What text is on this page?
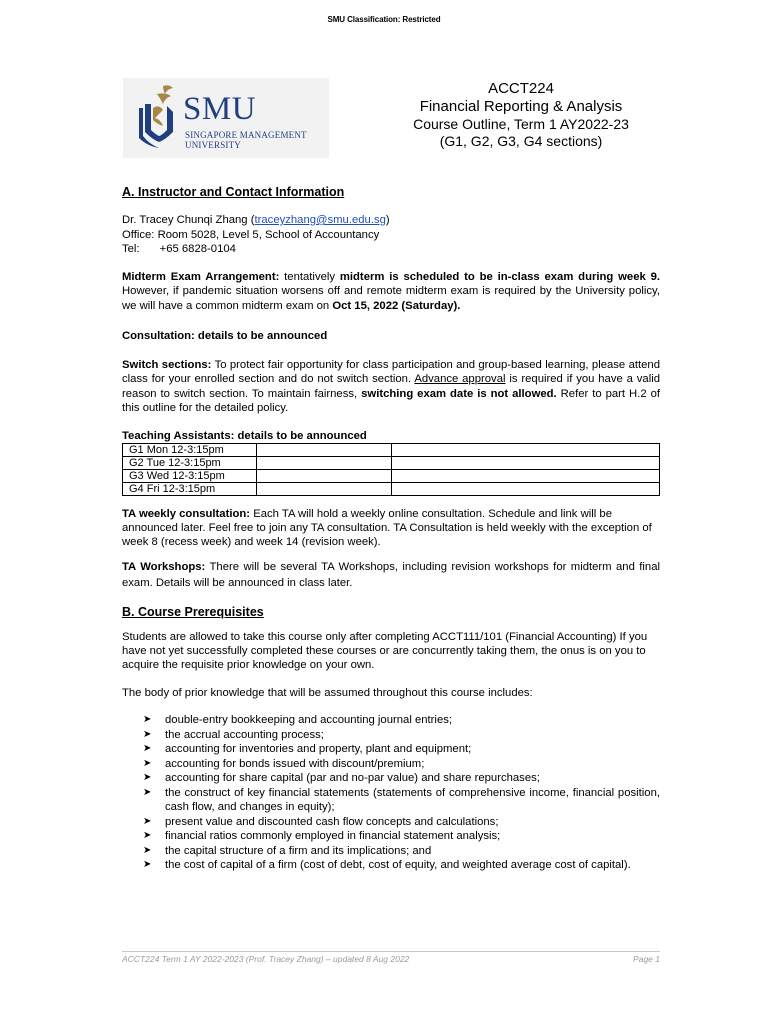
SMU Classification: Restricted
SMU
SINGAPORE MANAGEMENT
UNIVERSITY
ACCT224
Financial Reporting & Analysis
Course Outline, Term 1 AY2022-23
(G1, G2, G3, G4 sections)
A. Instructor and Contact Information

Dr. Tracey Chunqi Zhang (traceyzhang@smu.edu.sg)

Office: Room 5028, Level 5, School of Accountancy

Tel: +65 6828-0104

Midterm Exam Arrangement: tentatively midterm is scheduled to be in-class exam during week 9. However, if pandemic situation worsens off and remote midterm exam is required by the University policy, we will have a common midterm exam on Oct 15, 2022 (Saturday).

Consultation: details to be announced

Switch sections: To protect fair opportunity for class participation and group-based learning, please attend class for your enrolled section and do not switch section. Advance approval is required if you have a valid reason to switch section. To maintain fairness, switching exam date is not allowed. Refer to part H.2 of this outline for the detailed policy.

Teaching Assistants: details to be announced

G1 Mon 12-3:15pm		
G2 Tue 12-3:15pm		
G3 Wed 12-3:15pm		
G4 Fri 12-3:15pm		

TA weekly consultation: Each TA will hold a weekly online consultation. Schedule and link will be announced later. Feel free to join any TA consultation. TA Consultation is held weekly with the exception of week 8 (recess week) and week 14 (revision week).

TA Workshops: There will be several TA Workshops, including revision workshops for midterm and final exam. Details will be announced in class later.

B. Course Prerequisites

Students are allowed to take this course only after completing ACCT111/101 (Financial Accounting) If you have not yet successfully completed these courses or are concurrently taking them, the onus is on you to acquire the requisite prior knowledge on your own.

The body of prior knowledge that will be assumed throughout this course includes:

➤ double-entry bookkeeping and accounting journal entries;
➤ the accrual accounting process;
➤ accounting for inventories and property, plant and equipment;
➤ accounting for bonds issued with discount/premium;
➤ accounting for share capital (par and no-par value) and share repurchases;
➤ the construct of key financial statements (statements of comprehensive income, financial position, cash flow, and changes in equity);
➤ present value and discounted cash flow concepts and calculations;
➤ financial ratios commonly employed in financial statement analysis;
➤ the capital structure of a firm and its implications; and
➤ the cost of capital of a firm (cost of debt, cost of equity, and weighted average cost of capital).
ACCT224 Term 1 AY 2022-2023 (Prof. Tracey Zhang) – updated 8 Aug 2022	Page 1
